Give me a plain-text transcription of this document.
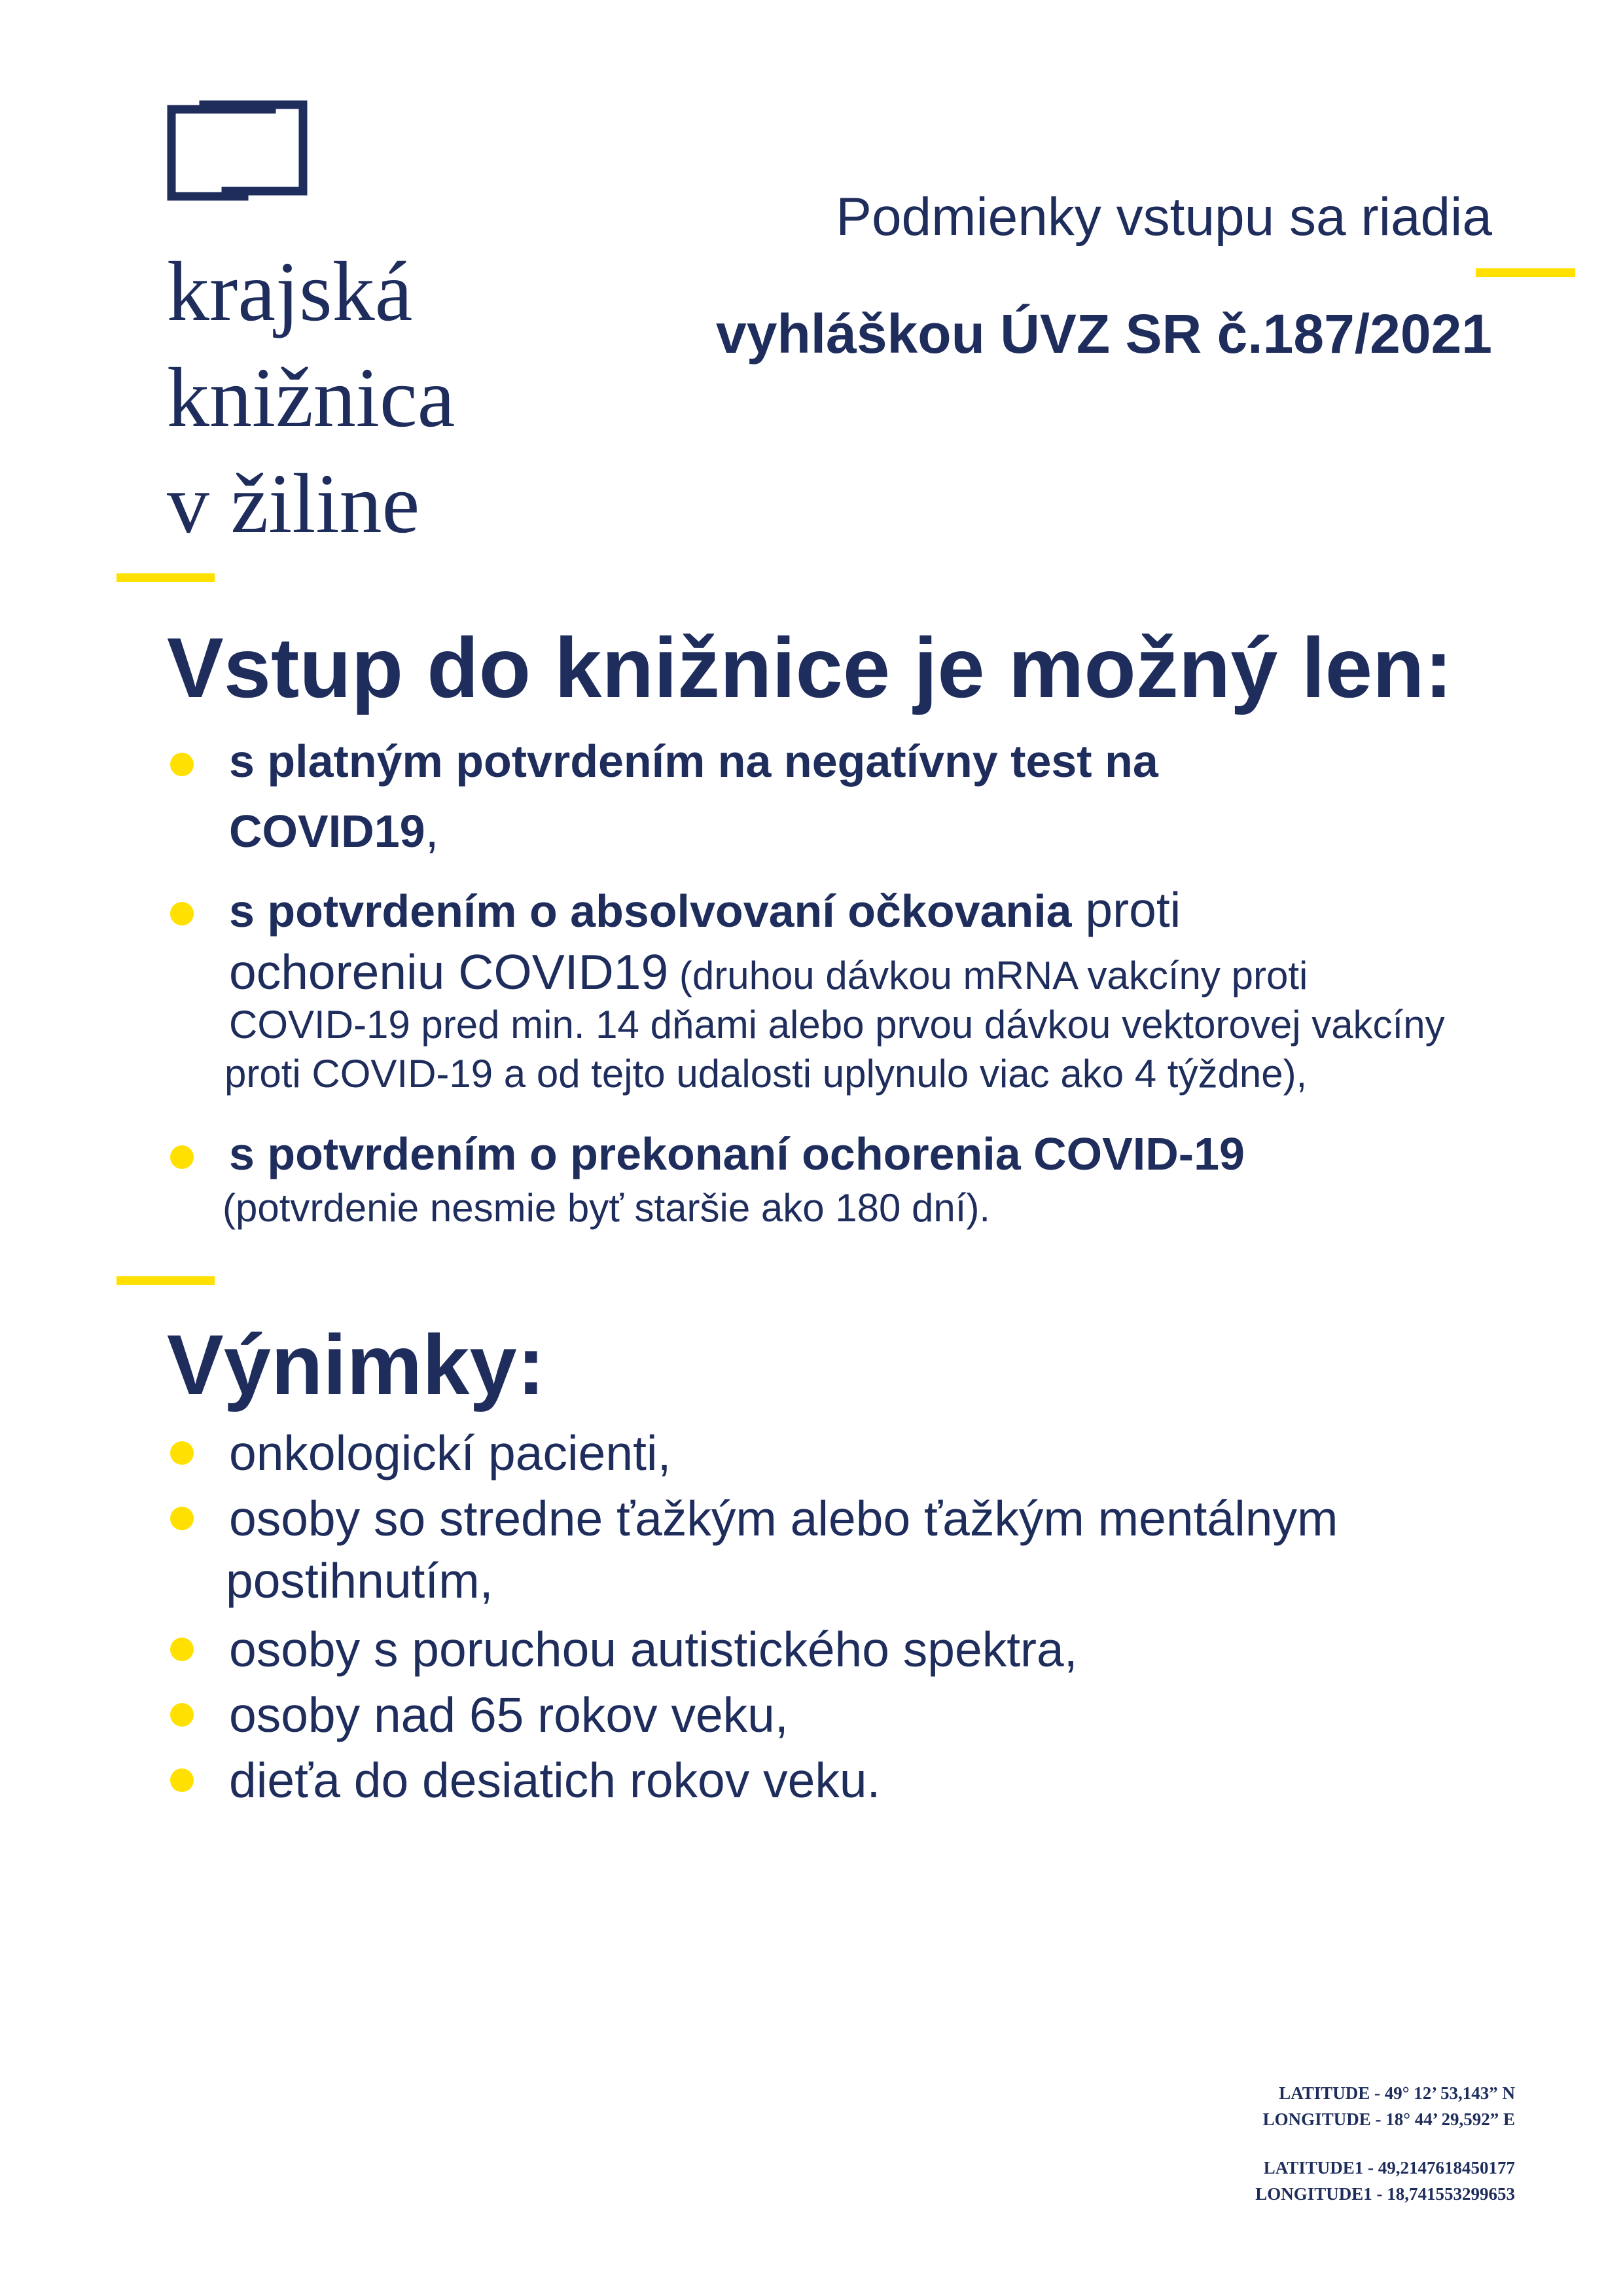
krajská
knižnica
v žiline
Podmienky vstupu sa riadia
vyhláškou ÚVZ SR č.187/2021
Vstup do knižnice je možný len:
s platným potvrdením na negatívny test na
COVID19,
s potvrdením o absolvovaní očkovania proti
ochoreniu COVID19 (druhou dávkou mRNA vakcíny proti
COVID-19 pred min. 14 dňami alebo prvou dávkou vektorovej vakcíny
proti COVID-19 a od tejto udalosti uplynulo viac ako 4 týždne),
s potvrdením o prekonaní ochorenia COVID-19
(potvrdenie nesmie byť staršie ako 180 dní).
Výnimky:
onkologickí pacienti,
osoby so stredne ťažkým alebo ťažkým mentálnym
postihnutím,
osoby s poruchou autistického spektra,
osoby nad 65 rokov veku,
dieťa do desiatich rokov veku.
LATITUDE - 49° 12’ 53,143” N
LONGITUDE - 18° 44’ 29,592” E
LATITUDE1 - 49,2147618450177
LONGITUDE1 - 18,741553299653
